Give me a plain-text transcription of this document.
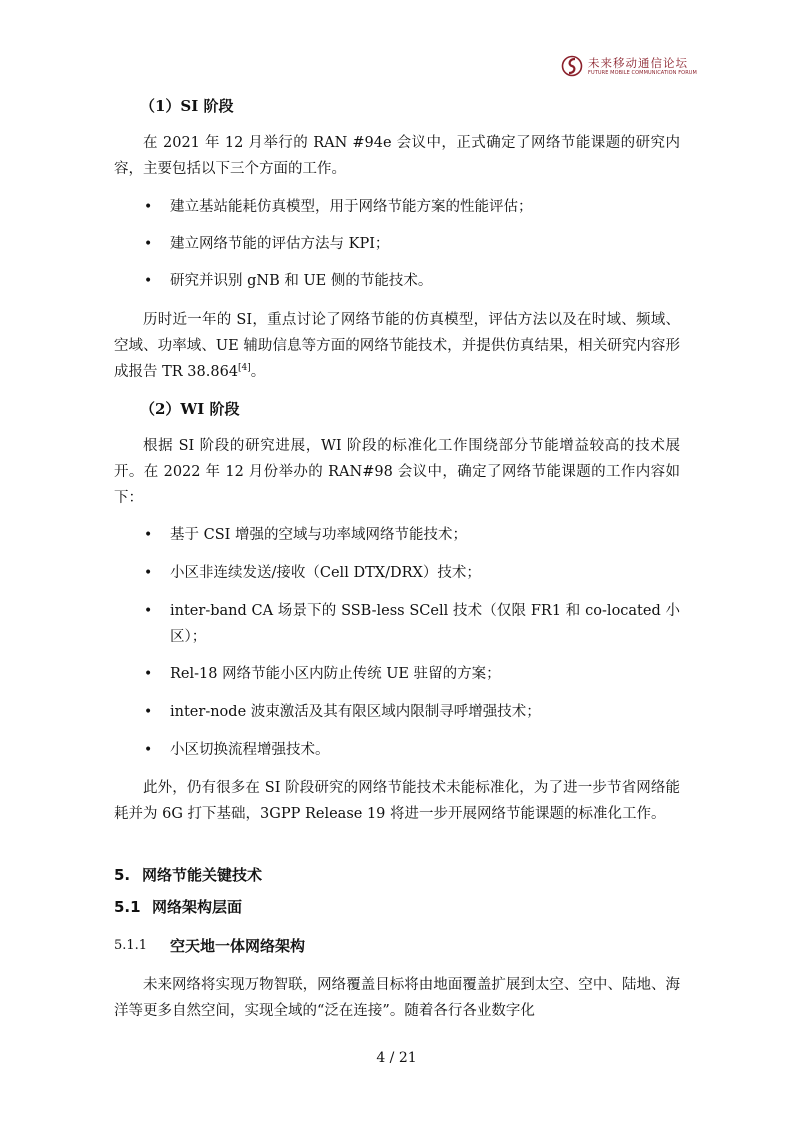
未来移动通信论坛
FUTURE MOBILE COMMUNICATION FORUM
（1）SI 阶段
在 2021 年 12 月举行的 RAN #94e 会议中，正式确定了网络节能课题的研究内容，主要包括以下三个方面的工作。
• 建立基站能耗仿真模型，用于网络节能方案的性能评估；
• 建立网络节能的评估方法与 KPI；
• 研究并识别 gNB 和 UE 侧的节能技术。
历时近一年的 SI，重点讨论了网络节能的仿真模型，评估方法以及在时域、频域、空域、功率域、UE 辅助信息等方面的网络节能技术，并提供仿真结果，相关研究内容形成报告 TR 38.864[4]。
（2）WI 阶段
根据 SI 阶段的研究进展，WI 阶段的标准化工作围绕部分节能增益较高的技术展开。在 2022 年 12 月份举办的 RAN#98 会议中，确定了网络节能课题的工作内容如下：
• 基于 CSI 增强的空域与功率域网络节能技术；
• 小区非连续发送/接收（Cell DTX/DRX）技术；
• inter-band CA 场景下的 SSB-less SCell 技术（仅限 FR1 和 co-located 小区）；
• Rel-18 网络节能小区内防止传统 UE 驻留的方案；
• inter-node 波束激活及其有限区域内限制寻呼增强技术；
• 小区切换流程增强技术。
此外，仍有很多在 SI 阶段研究的网络节能技术未能标准化，为了进一步节省网络能耗并为 6G 打下基础，3GPP Release 19 将进一步开展网络节能课题的标准化工作。
5. 网络节能关键技术
5.1 网络架构层面
5.1.1 空天地一体网络架构
未来网络将实现万物智联，网络覆盖目标将由地面覆盖扩展到太空、空中、陆地、海洋等更多自然空间，实现全域的“泛在连接”。随着各行各业数字化
4 / 21
